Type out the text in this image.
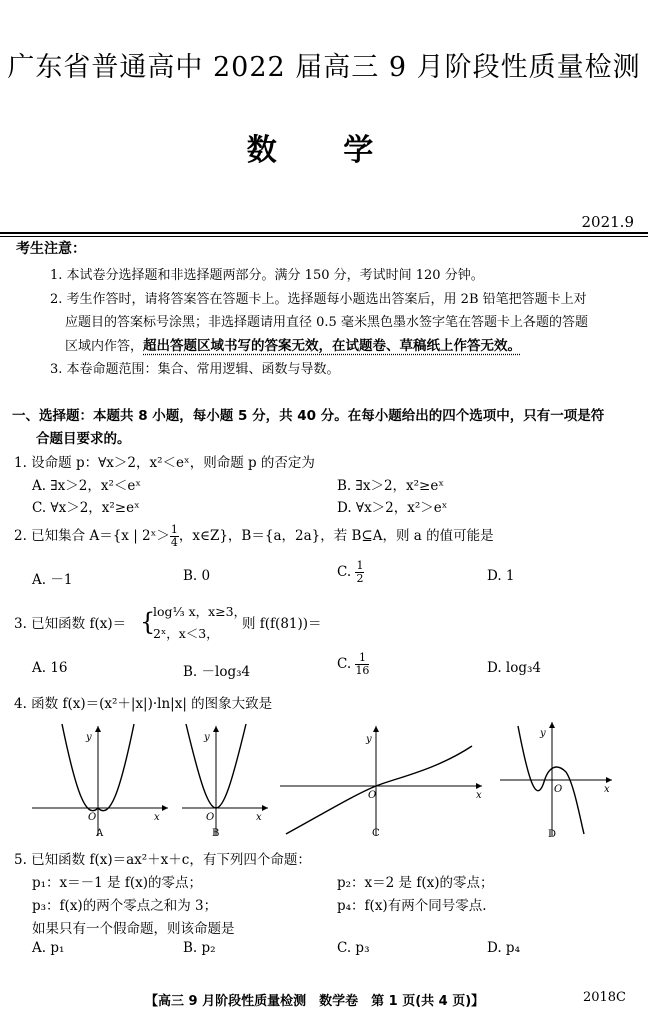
广东省普通高中 2022 届高三 9 月阶段性质量检测
数 学
2021.9
考生注意：
1. 本试卷分选择题和非选择题两部分。满分 150 分，考试时间 120 分钟。
2. 考生作答时，请将答案答在答题卡上。选择题每小题选出答案后，用 2B 铅笔把答题卡上对
应题目的答案标号涂黑；非选择题请用直径 0.5 毫米黑色墨水签字笔在答题卡上各题的答题
区域内作答，超出答题区域书写的答案无效，在试题卷、草稿纸上作答无效。
3. 本卷命题范围：集合、常用逻辑、函数与导数。
一、选择题：本题共 8 小题，每小题 5 分，共 40 分。在每小题给出的四个选项中，只有一项是符
合题目要求的。
1. 设命题 p：∀x＞2，x²＜eˣ，则命题 p 的否定为
A. ∃x＞2，x²＜eˣ	B. ∃x＞2，x²≥eˣ
C. ∀x＞2，x²≥eˣ	D. ∀x＞2，x²＞eˣ
2. 已知集合 A＝{x | 2ˣ＞ $\frac{1}{4}$ ，x∈Z}，B＝{a，2a}，若 B⊆A，则 a 的值可能是
A. －1	B. 0	C. $\frac{1}{2}$	D. 1
3. 已知函数 f(x)＝ {
log⅓ x，x≥3，
2ˣ，x＜3，
则 f(f(81))＝
A. 16	B. －log₃4	C. $\frac{1}{16}$	D. log₃4
4. 函数 f(x)＝(x²＋|x|)·ln|x| 的图象大致是
y
x
O
A
y
x
O
B
y
x
O
C
y
x
O
D
5. 已知函数 f(x)＝ax²＋x＋c，有下列四个命题：
p₁：x＝－1 是 f(x)的零点；	p₂：x＝2 是 f(x)的零点；
p₃：f(x)的两个零点之和为 3；	p₄：f(x)有两个同号零点.
如果只有一个假命题，则该命题是
A. p₁	B. p₂	C. p₃	D. p₄
【高三 9 月阶段性质量检测　数学卷　第 1 页(共 4 页)】	2018C
